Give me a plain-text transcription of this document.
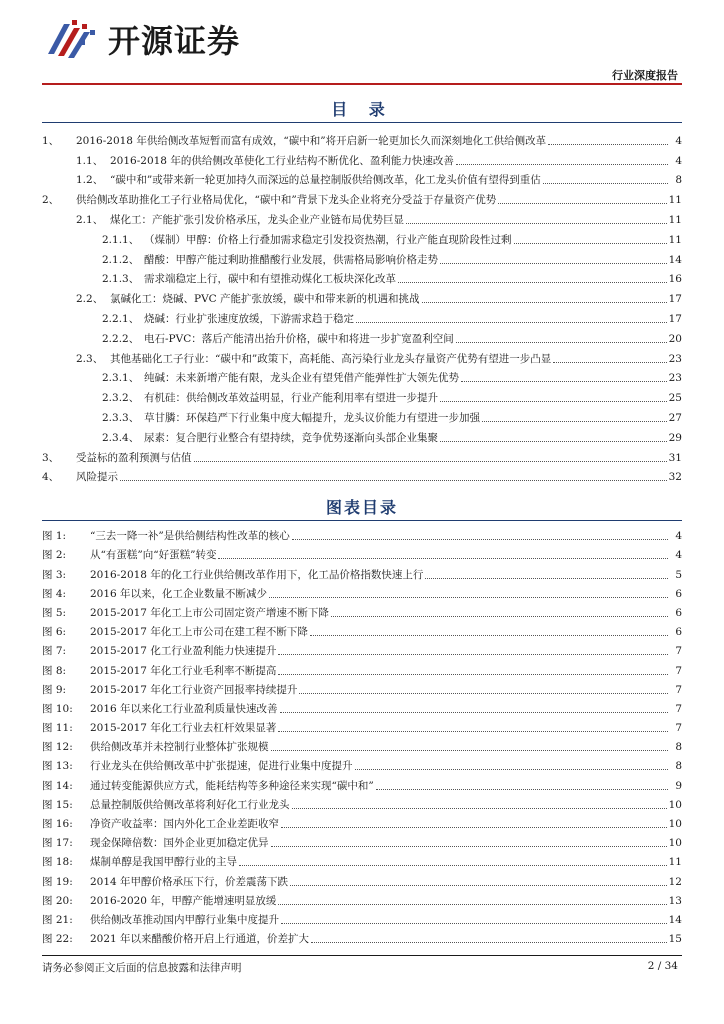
开源证券
行业深度报告
目 录
1、	2016-2018 年供给侧改革短暂而富有成效，“碳中和”将开启新一轮更加长久而深刻地化工供给侧改革	4
1.1、 2016-2018 年的供给侧改革使化工行业结构不断优化、盈利能力快速改善	4
1.2、 “碳中和”或带来新一轮更加持久而深远的总量控制版供给侧改革，化工龙头价值有望得到重估	8
2、	供给侧改革助推化工子行业格局优化，“碳中和”背景下龙头企业将充分受益于存量资产优势	11
2.1、 煤化工：产能扩张引发价格承压，龙头企业产业链布局优势巨显	11
2.1.1、 （煤制）甲醇：价格上行叠加需求稳定引发投资热潮，行业产能直现阶段性过剩	11
2.1.2、 醋酸：甲醇产能过剩助推醋酸行业发展，供需格局影响价格走势	14
2.1.3、 需求端稳定上行，碳中和有望推动煤化工板块深化改革	16
2.2、 氯碱化工：烧碱、PVC 产能扩张放缓，碳中和带来新的机遇和挑战	17
2.2.1、 烧碱：行业扩张速度放缓，下游需求趋于稳定	17
2.2.2、 电石-PVC：落后产能清出抬升价格，碳中和将进一步扩宽盈利空间	20
2.3、 其他基础化工子行业：“碳中和”政策下，高耗能、高污染行业龙头存量资产优势有望进一步凸显	23
2.3.1、 纯碱：未来新增产能有限，龙头企业有望凭借产能弹性扩大领先优势	23
2.3.2、 有机硅：供给侧改革效益明显，行业产能利用率有望进一步提升	25
2.3.3、 草甘膦：环保趋严下行业集中度大幅提升，龙头议价能力有望进一步加强	27
2.3.4、 尿素：复合肥行业整合有望持续，竞争优势逐渐向头部企业集聚	29
3、	受益标的盈利预测与估值	31
4、	风险提示	32
图表目录
图 1:	“三去一降一补”是供给侧结构性改革的核心	4
图 2:	从“有蛋糕”向“好蛋糕”转变	4
图 3:	2016-2018 年的化工行业供给侧改革作用下，化工品价格指数快速上行	5
图 4:	2016 年以来，化工企业数量不断减少	6
图 5:	2015-2017 年化工上市公司固定资产增速不断下降	6
图 6:	2015-2017 年化工上市公司在建工程不断下降	6
图 7:	2015-2017 化工行业盈利能力快速提升	7
图 8:	2015-2017 年化工行业毛利率不断提高	7
图 9:	2015-2017 年化工行业资产回报率持续提升	7
图 10:	2016 年以来化工行业盈利质量快速改善	7
图 11:	2015-2017 年化工行业去杠杆效果显著	7
图 12:	供给侧改革并未控制行业整体扩张规模	8
图 13:	行业龙头在供给侧改革中扩张提速，促进行业集中度提升	8
图 14:	通过转变能源供应方式，能耗结构等多种途径来实现“碳中和”	9
图 15:	总量控制版供给侧改革将利好化工行业龙头	10
图 16:	净资产收益率：国内外化工企业差距收窄	10
图 17:	现金保障倍数：国外企业更加稳定优异	10
图 18:	煤制单醇是我国甲醇行业的主导	11
图 19:	2014 年甲醇价格承压下行，价差震荡下跌	12
图 20:	2016-2020 年，甲醇产能增速明显放缓	13
图 21:	供给侧改革推动国内甲醇行业集中度提升	14
图 22:	2021 年以来醋酸价格开启上行通道，价差扩大	15
请务必参阅正文后面的信息披露和法律声明	2 / 34
